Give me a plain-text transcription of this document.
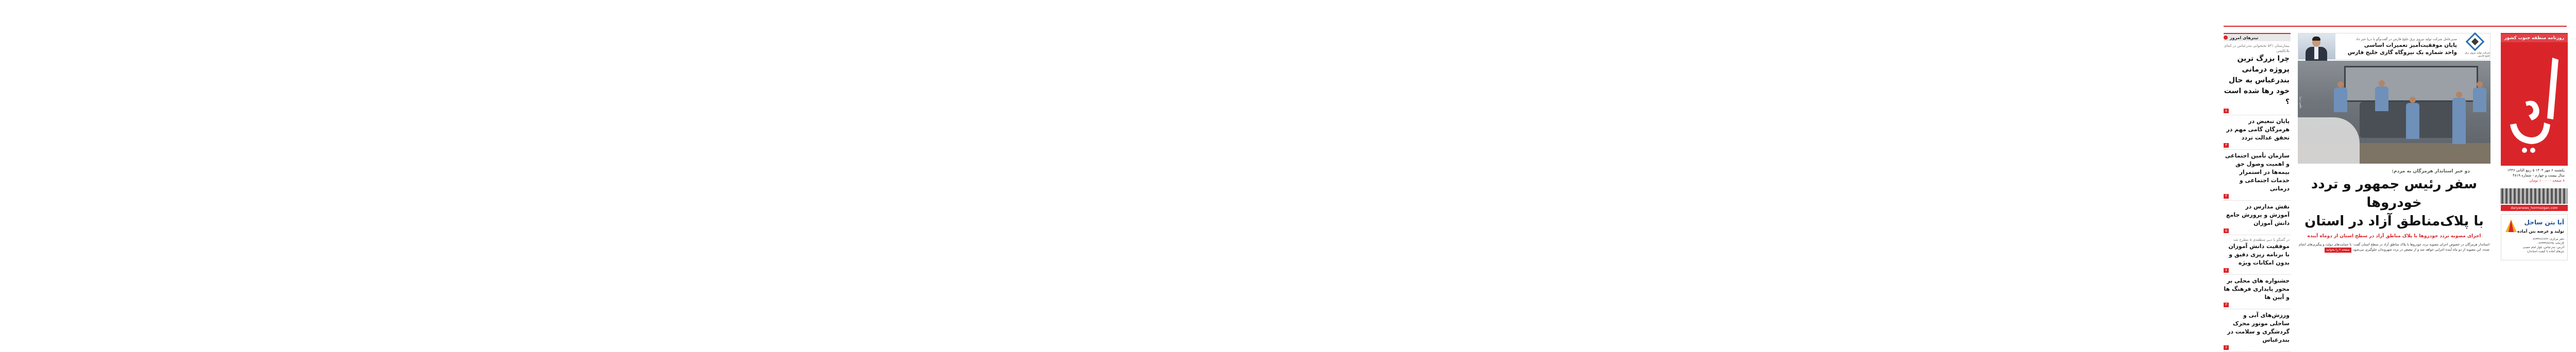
تیترهای امروز
بیمارستان ۵۳۱ تختخوابی بندرعباس در کمای بلاتکلیفی
چرا بزرگ ترین پروژه درمانی بندرعباس به حال خود رها شده است ؟
۸
پایان تبعیض در هرمزگان گامی مهم در تحقق عدالت تردد
۳
سازمان تأمین اجتماعی و اهمیت وصول حق بیمه‌ها در استمرار خدمات اجتماعی و درمانی
۴
نقش مدارس در آموزش و پرورش جامع دانش آموزان
۵
در گفتگو با دبیر منطقه‌ی ۵ مطرح شد
موفقیت دانش آموزان با برنامه ریزی دقیق و بدون امکانات ویژه
۷
جشنواره های محلی بر محور پایداری فرهنگ ها و آیین ها
۳
ورزش‌های آبی و ساحلی موتور محرک گردشگری و سلامت در بندرعباس
۶
شرکت تولید نیروی برق خلیج فارس
مدیرعامل شرکت تولید نیروی برق خلیج فارس در گفت‌وگو با دریا خبر داد
پایان موفقیت‌آمیز تعمیرات اساسی
واحد شماره یک نیروگاه گازی خلیج فارس
عکس: دریا
دو خبر استاندار هرمزگان به مردم:
سفر رئیس جمهور و تردد خودروها
با پلاک‌مناطق آزاد در استان
اجرای مصوبه تردد خودروها با پلاک مناطق آزاد در سطح استان از دوماه آینده
استاندار هرمزگان در خصوص اجرای مصوبه تردد خودروها با پلاک مناطق آزاد در سطح استان گفت: با حمایت‌های دولت و پیگیری‌های انجام شده، این مصوبه از دو ماه آینده اجرایی خواهد شد و از تبعیض در تردد شهروندان جلوگیری می‌شود. صفحه ۲ را بخوانید
روزنامه منطقه جنوب کشور
یکشنبه ۶ مهر ۱۴۰۳ ۵ ربیع الثانی ۱۴۴۶
سال بیست و چهارم - شماره ۴۸۱۹
۸ صفحه - ۱۰۰۰۰ تومان
daryanews_hormozgan.com
آبا بتن ساحل
تولید و عرضه بتن آماده
دفتر مرکزی: ۰۷۶۳۳۶۶۶۶۲۲
کارخانه: ۰۷۶۳۳۴۷۷۶۲۵
آدرس: بندرعباس، بلوار امام خمینی
بتن‌های آماده با کیفیت استاندارد
